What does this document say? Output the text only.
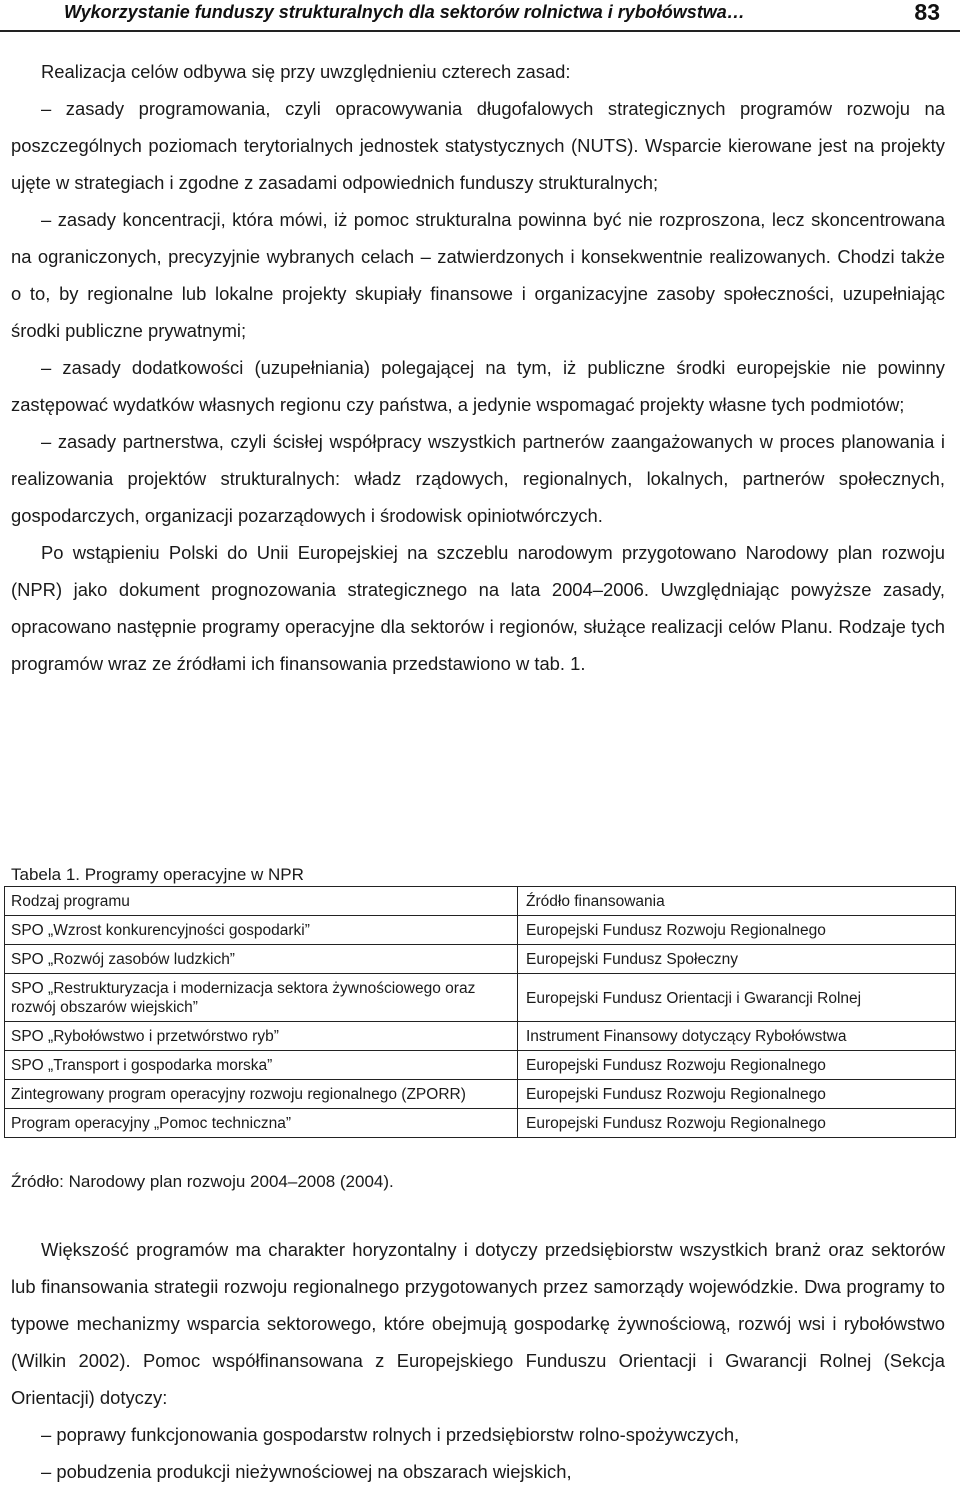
Wykorzystanie funduszy strukturalnych dla sektorów rolnictwa i rybołówstwa…	83

Realizacja celów odbywa się przy uwzględnieniu czterech zasad:

– zasady programowania, czyli opracowywania długofalowych strategicznych programów rozwoju na poszczególnych poziomach terytorialnych jednostek statystycznych (NUTS). Wsparcie kierowane jest na projekty ujęte w strategiach i zgodne z zasadami odpowiednich funduszy strukturalnych;

– zasady koncentracji, która mówi, iż pomoc strukturalna powinna być nie rozproszona, lecz skoncentrowana na ograniczonych, precyzyjnie wybranych celach – zatwierdzonych i konsekwentnie realizowanych. Chodzi także o to, by regionalne lub lokalne projekty skupiały finansowe i organizacyjne zasoby społeczności, uzupełniając środki publiczne prywatnymi;

– zasady dodatkowości (uzupełniania) polegającej na tym, iż publiczne środki europejskie nie powinny zastępować wydatków własnych regionu czy państwa, a jedynie wspomagać projekty własne tych podmiotów;

– zasady partnerstwa, czyli ścisłej współpracy wszystkich partnerów zaangażowanych w proces planowania i realizowania projektów strukturalnych: władz rządowych, regionalnych, lokalnych, partnerów społecznych, gospodarczych, organizacji pozarządowych i środowisk opiniotwórczych.

Po wstąpieniu Polski do Unii Europejskiej na szczeblu narodowym przygotowano Narodowy plan rozwoju (NPR) jako dokument prognozowania strategicznego na lata 2004–2006. Uwzględniając powyższe zasady, opracowano następnie programy operacyjne dla sektorów i regionów, służące realizacji celów Planu. Rodzaje tych programów wraz ze źródłami ich finansowania przedstawiono w tab. 1.

Tabela 1. Programy operacyjne w NPR
Rodzaj programu	Źródło finansowania
SPO „Wzrost konkurencyjności gospodarki”	Europejski Fundusz Rozwoju Regionalnego
SPO „Rozwój zasobów ludzkich”	Europejski Fundusz Społeczny
SPO „Restrukturyzacja i modernizacja sektora żywnościowego oraz rozwój obszarów wiejskich”	Europejski Fundusz Orientacji i Gwarancji Rolnej
SPO „Rybołówstwo i przetwórstwo ryb”	Instrument Finansowy dotyczący Rybołówstwa
SPO „Transport i gospodarka morska”	Europejski Fundusz Rozwoju Regionalnego
Zintegrowany program operacyjny rozwoju regionalnego (ZPORR)	Europejski Fundusz Rozwoju Regionalnego
Program operacyjny „Pomoc techniczna”	Europejski Fundusz Rozwoju Regionalnego
Źródło: Narodowy plan rozwoju 2004–2008 (2004).

Większość programów ma charakter horyzontalny i dotyczy przedsiębiorstw wszystkich branż oraz sektorów lub finansowania strategii rozwoju regionalnego przygotowanych przez samorządy wojewódzkie. Dwa programy to typowe mechanizmy wsparcia sektorowego, które obejmują gospodarkę żywnościową, rozwój wsi i rybołówstwo (Wilkin 2002). Pomoc współfinansowana z Europejskiego Funduszu Orientacji i Gwarancji Rolnej (Sekcja Orientacji) dotyczy:

– poprawy funkcjonowania gospodarstw rolnych i przedsiębiorstw rolno-spożywczych,

– pobudzenia produkcji nieżywnościowej na obszarach wiejskich,
